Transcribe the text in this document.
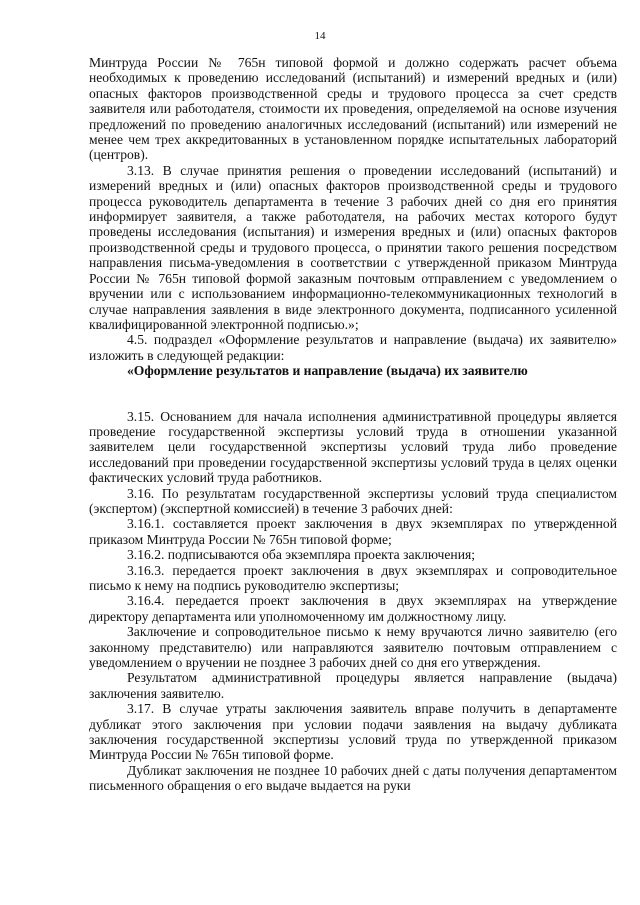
14

Минтруда России № 765н типовой формой и должно содержать расчет объема необходимых к проведению исследований (испытаний) и измерений вредных и (или) опасных факторов производственной среды и трудового процесса за счет средств заявителя или работодателя, стоимости их проведения, определяемой на основе изучения предложений по проведению аналогичных исследований (испытаний) или измерений не менее чем трех аккредитованных в установленном порядке испытательных лабораторий (центров).

3.13. В случае принятия решения о проведении исследований (испытаний) и измерений вредных и (или) опасных факторов производственной среды и трудового процесса руководитель департамента в течение 3 рабочих дней со дня его принятия информирует заявителя, а также работодателя, на рабочих местах которого будут проведены исследования (испытания) и измерения вредных и (или) опасных факторов производственной среды и трудового процесса, о принятии такого решения посредством направления письма-уведомления в соответствии с утвержденной приказом Минтруда России № 765н типовой формой заказным почтовым отправлением с уведомлением о вручении или с использованием информационно-телекоммуникационных технологий в случае направления заявления в виде электронного документа, подписанного усиленной квалифицированной электронной подписью.»;

4.5. подраздел «Оформление результатов и направление (выдача) их заявителю» изложить в следующей редакции:

«Оформление результатов и направление (выдача) их заявителю

3.15. Основанием для начала исполнения административной процедуры является проведение государственной экспертизы условий труда в отношении указанной заявителем цели государственной экспертизы условий труда либо проведение исследований при проведении государственной экспертизы условий труда в целях оценки фактических условий труда работников.

3.16. По результатам государственной экспертизы условий труда специалистом (экспертом) (экспертной комиссией) в течение 3 рабочих дней:

3.16.1. составляется проект заключения в двух экземплярах по утвержденной приказом Минтруда России № 765н типовой форме;

3.16.2. подписываются оба экземпляра проекта заключения;

3.16.3. передается проект заключения в двух экземплярах и сопроводительное письмо к нему на подпись руководителю экспертизы;

3.16.4. передается проект заключения в двух экземплярах на утверждение директору департамента или уполномоченному им должностному лицу.

Заключение и сопроводительное письмо к нему вручаются лично заявителю (его законному представителю) или направляются заявителю почтовым отправлением с уведомлением о вручении не позднее 3 рабочих дней со дня его утверждения.

Результатом административной процедуры является направление (выдача) заключения заявителю.

3.17. В случае утраты заключения заявитель вправе получить в департаменте дубликат этого заключения при условии подачи заявления на выдачу дубликата заключения государственной экспертизы условий труда по утвержденной приказом Минтруда России № 765н типовой форме.

Дубликат заключения не позднее 10 рабочих дней с даты получения департаментом письменного обращения о его выдаче выдается на руки
